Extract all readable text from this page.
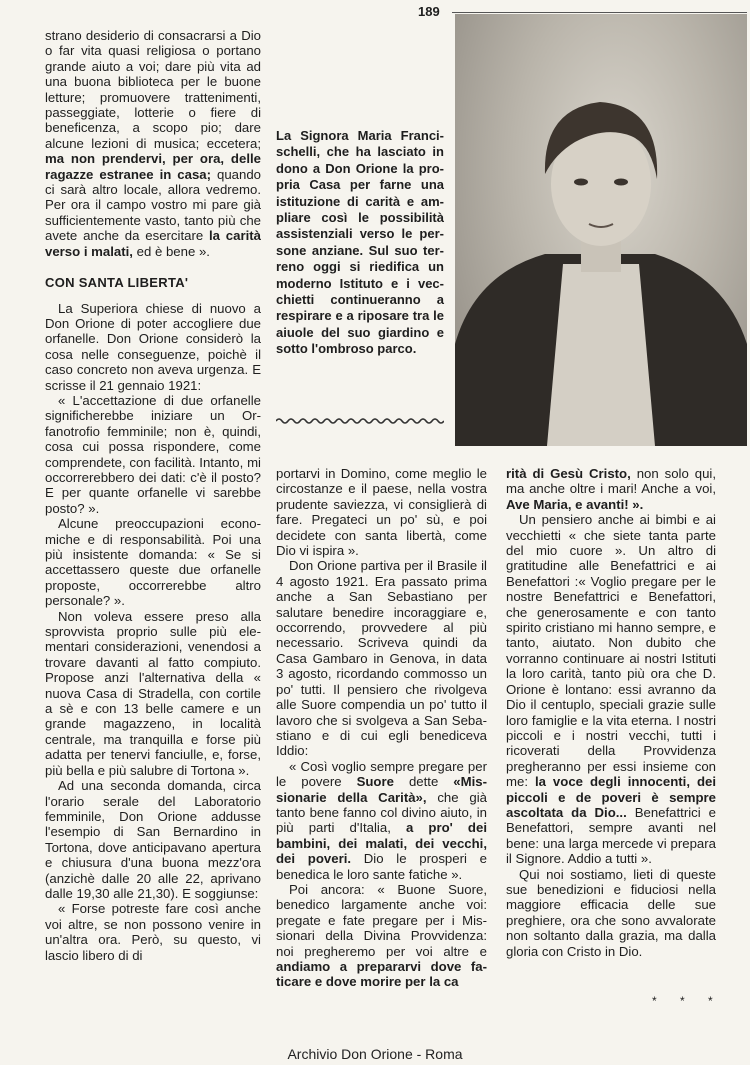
189

strano desiderio di consacrarsi a Dio o far vita quasi religiosa o portano grande aiuto a voi; dare più vita ad una buona biblioteca per le buone letture; promuovere trattenimenti, passeggiate, lotterie o fiere di beneficenza, a scopo pio; dare alcune lezioni di musica; eccetera; ma non prendervi, per ora, delle ragazze estranee in casa; quando ci sarà altro locale, allora vedremo. Per ora il campo vostro mi pare già sufficientemente vasto, tanto più che avete anche da esercitare la carità verso i malati, ed è bene ».

CON SANTA LIBERTA'

La Superiora chiese di nuovo a Don Orione di poter accogliere due orfanelle. Don Orione considerò la cosa nelle conseguenze, poichè il caso concreto non aveva urgenza. E scrisse il 21 gennaio 1921:

« L'accettazione di due orfanelle significherebbe iniziare un Orfanotrofio femminile; non è, quindi, cosa cui possa rispondere, come comprendete, con facilità. Intanto, mi occorrerebbero dei dati: c'è il posto? E per quante orfanelle vi sarebbe posto? ».

Alcune preoccupazioni economiche e di responsabilità. Poi una più insistente domanda: « Se si accettassero queste due orfanelle proposte, occorrerebbe altro personale? ».

Non voleva essere preso alla sprovvista proprio sulle più elementari considerazioni, venendosi a trovare davanti al fatto compiuto. Propose anzi l'alternativa della « nuova Casa di Stradella, con cortile a sè e con 13 belle camere e un grande magazzeno, in località centrale, ma tranquilla e forse più adatta per tenervi fanciulle, e, forse, più bella e più salubre di Tortona ».

Ad una seconda domanda, circa l'orario serale del Laboratorio femminile, Don Orione addusse l'esempio di San Bernardino in Tortona, dove anticipavano apertura e chiusura d'una buona mezz'ora (anzichè dalle 20 alle 22, aprivano dalle 19,30 alle 21,30). E soggiunse:

« Forse potreste fare così anche voi altre, se non possono venire in un'altra ora. Però, su questo, vi lascio libero di di

La Signora Maria Francischelli, che ha lasciato in dono a Don Orione la propria Casa per farne una istituzione di carità e ampliare così le possibilità assistenziali verso le persone anziane. Sul suo terreno oggi si riedifica un moderno Istituto e i vecchietti continueranno a respirare e a riposare tra le aiuole del suo giardino e sotto l'ombroso parco.

portarvi in Domino, come meglio le circostanze e il paese, nella vostra prudente saviezza, vi consiglierà di fare. Pregateci un po' sù, e poi decidete con santa libertà, come Dio vi ispira ».

Don Orione partiva per il Brasile il 4 agosto 1921. Era passato prima anche a San Sebastiano per salutare benedire incoraggiare e, occorrendo, provvedere al più necessario. Scriveva quindi da Casa Gambaro in Genova, in data 3 agosto, ricordando commosso un po' tutti. Il pensiero che rivolgeva alle Suore compendia un po' tutto il lavoro che si svolgeva a San Sebastiano e di cui egli benediceva Iddio:

« Così voglio sempre pregare per le povere Suore dette «Missionarie della Carità», che già tanto bene fanno col divino aiuto, in più parti d'Italia, a pro' dei bambini, dei malati, dei vecchi, dei poveri. Dio le prosperi e benedica le loro sante fatiche ».

Poi ancora: « Buone Suore, benedico largamente anche voi: pregate e fate pregare per i Missionari della Divina Provvidenza: noi pregheremo per voi altre e andiamo a prepararvi dove faticare e dove morire per la ca

rità di Gesù Cristo, non solo qui, ma anche oltre i mari! Anche a voi, Ave Maria, e avanti! ».

Un pensiero anche ai bimbi e ai vecchietti « che siete tanta parte del mio cuore ». Un altro di gratitudine alle Benefattrici e ai Benefattori :« Voglio pregare per le nostre Benefattrici e Benefattori, che generosamente e con tanto spirito cristiano mi hanno sempre, e tanto, aiutato. Non dubito che vorranno continuare ai nostri Istituti la loro carità, tanto più ora che D. Orione è lontano: essi avranno da Dio il centuplo, speciali grazie sulle loro famiglie e la vita eterna. I nostri piccoli e i nostri vecchi, tutti i ricoverati della Provvidenza pregheranno per essi insieme con me: la voce degli innocenti, dei piccoli e de poveri è sempre ascoltata da Dio... Benefattrici e Benefattori, sempre avanti nel bene: una larga mercede vi prepara il Signore. Addio a tutti ».

Qui noi sostiamo, lieti di queste sue benedizioni e fiduciosi nella maggiore efficacia delle sue preghiere, ora che sono avvalorate non soltanto dalla grazia, ma dalla gloria con Cristo in Dio.

* * *
Archivio Don Orione - Roma
